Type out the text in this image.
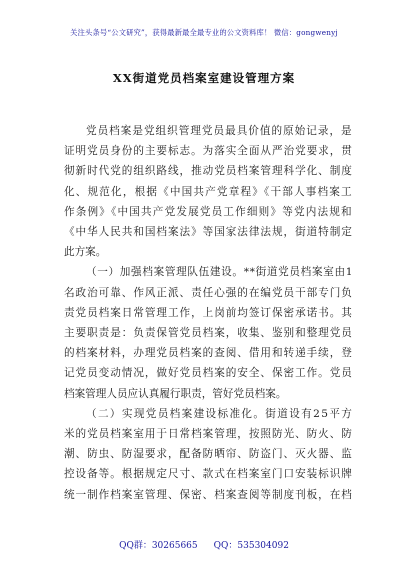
关注头条号“公文研究”，获得最新最全最专业的公文资料库！ 微信：gongwenyj
XX街道党员档案室建设管理方案
党员档案是党组织管理党员最具价值的原始记录，是
证明党员身份的主要标志。为落实全面从严治党要求，贯
彻新时代党的组织路线，推动党员档案管理科学化、制度
化、规范化，根据《中国共产党章程》《干部人事档案工
作条例》《中国共产党发展党员工作细则》等党内法规和
《中华人民共和国档案法》等国家法律法规，街道特制定
此方案。
（一）加强档案管理队伍建设。**街道党员档案室由1
名政治可靠、作风正派、责任心强的在编党员干部专门负
责党员档案日常管理工作，上岗前均签订保密承诺书。其
主要职责是：负责保管党员档案，收集、鉴别和整理党员
的档案材料，办理党员档案的查阅、借用和转递手续，登
记党员变动情况，做好党员档案的安全、保密工作。党员
档案管理人员应认真履行职责，管好党员档案。
（二）实现党员档案建设标准化。街道设有25平方
米的党员档案室用于日常档案管理，按照防光、防火、防
潮、防虫、防湿要求，配备防晒帘、防盗门、灭火器、监
控设备等。根据规定尺寸、款式在档案室门口安装标识牌
统一制作档案室管理、保密、档案查阅等制度刊板，在档
QQ群：30265665 QQ：535304092
